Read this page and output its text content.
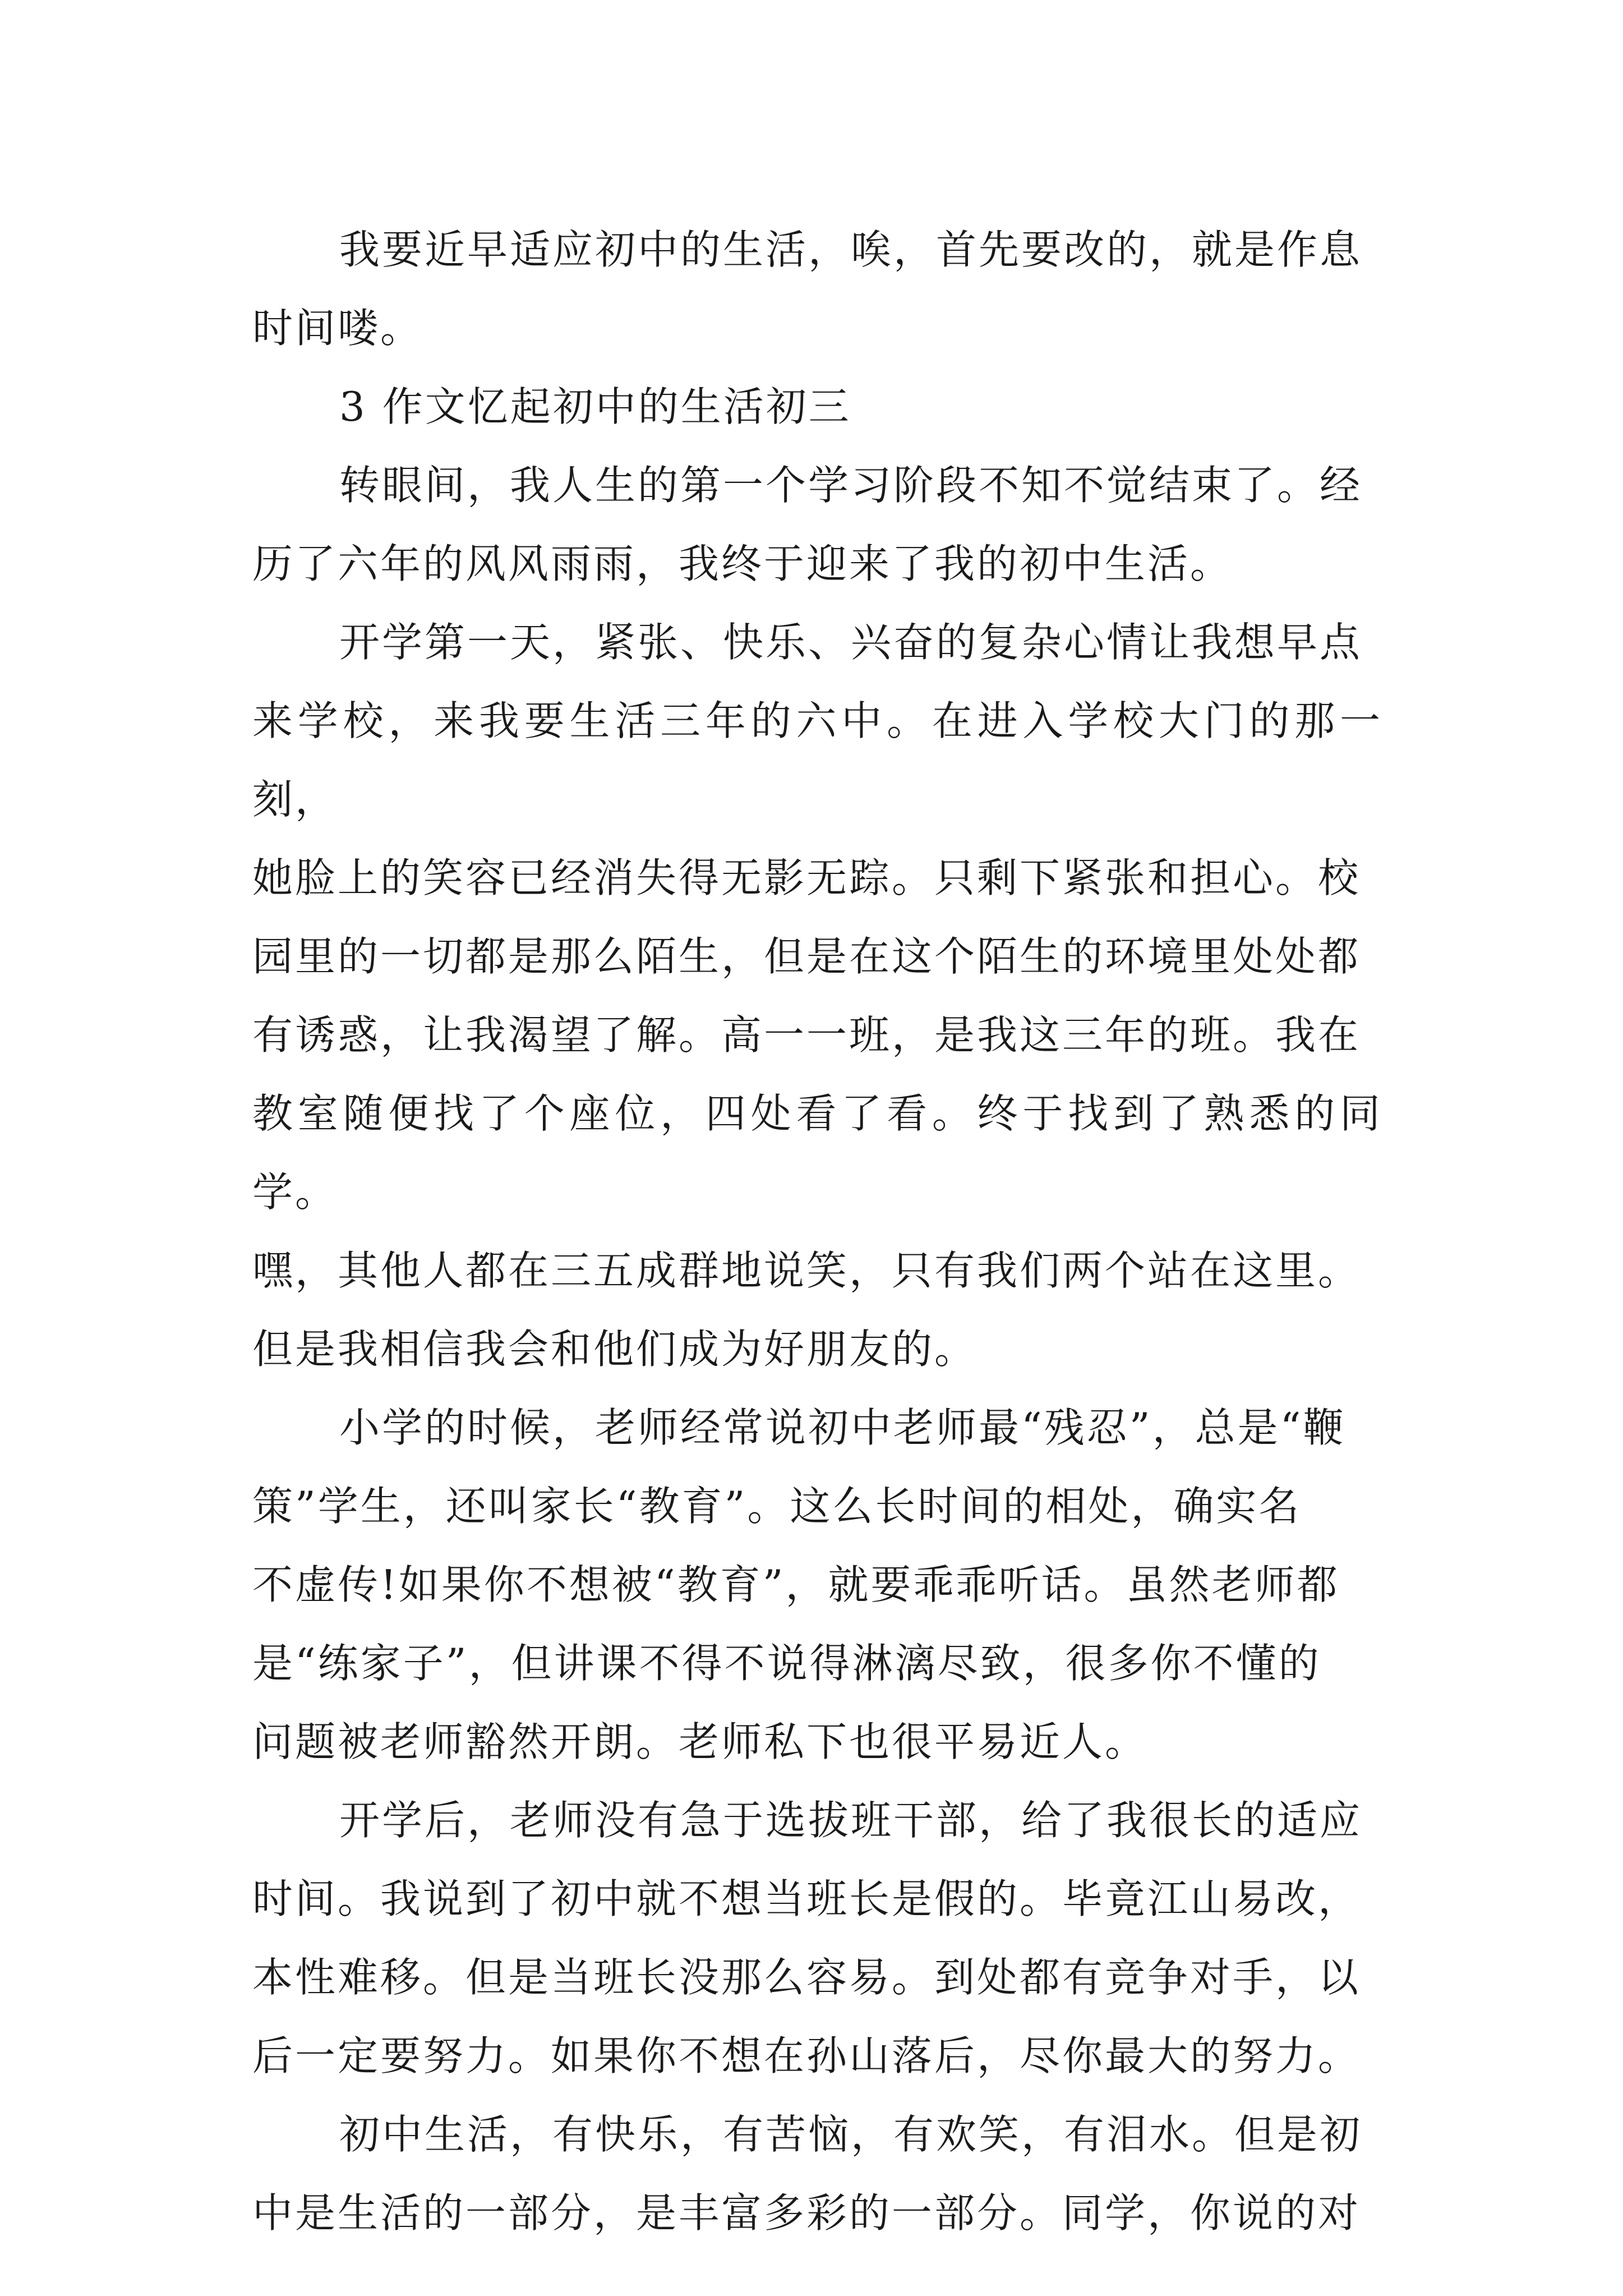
我要近早适应初中的生活，唉，首先要改的，就是作息
时间喽。

3 作文忆起初中的生活初三

转眼间，我人生的第一个学习阶段不知不觉结束了。经
历了六年的风风雨雨，我终于迎来了我的初中生活。

开学第一天，紧张、快乐、兴奋的复杂心情让我想早点
来学校，来我要生活三年的六中。在进入学校大门的那一刻，
她脸上的笑容已经消失得无影无踪。只剩下紧张和担心。校
园里的一切都是那么陌生，但是在这个陌生的环境里处处都
有诱惑，让我渴望了解。高一一班，是我这三年的班。我在
教室随便找了个座位，四处看了看。终于找到了熟悉的同学。
嘿，其他人都在三五成群地说笑，只有我们两个站在这里。
但是我相信我会和他们成为好朋友的。

小学的时候，老师经常说初中老师最“残忍”，总是“鞭
策”学生，还叫家长“教育”。这么长时间的相处，确实名
不虚传!如果你不想被“教育”，就要乖乖听话。虽然老师都
是“练家子”，但讲课不得不说得淋漓尽致，很多你不懂的
问题被老师豁然开朗。老师私下也很平易近人。

开学后，老师没有急于选拔班干部，给了我很长的适应
时间。我说到了初中就不想当班长是假的。毕竟江山易改，
本性难移。但是当班长没那么容易。到处都有竞争对手，以
后一定要努力。如果你不想在孙山落后，尽你最大的努力。

初中生活，有快乐，有苦恼，有欢笑，有泪水。但是初
中是生活的一部分，是丰富多彩的一部分。同学，你说的对
